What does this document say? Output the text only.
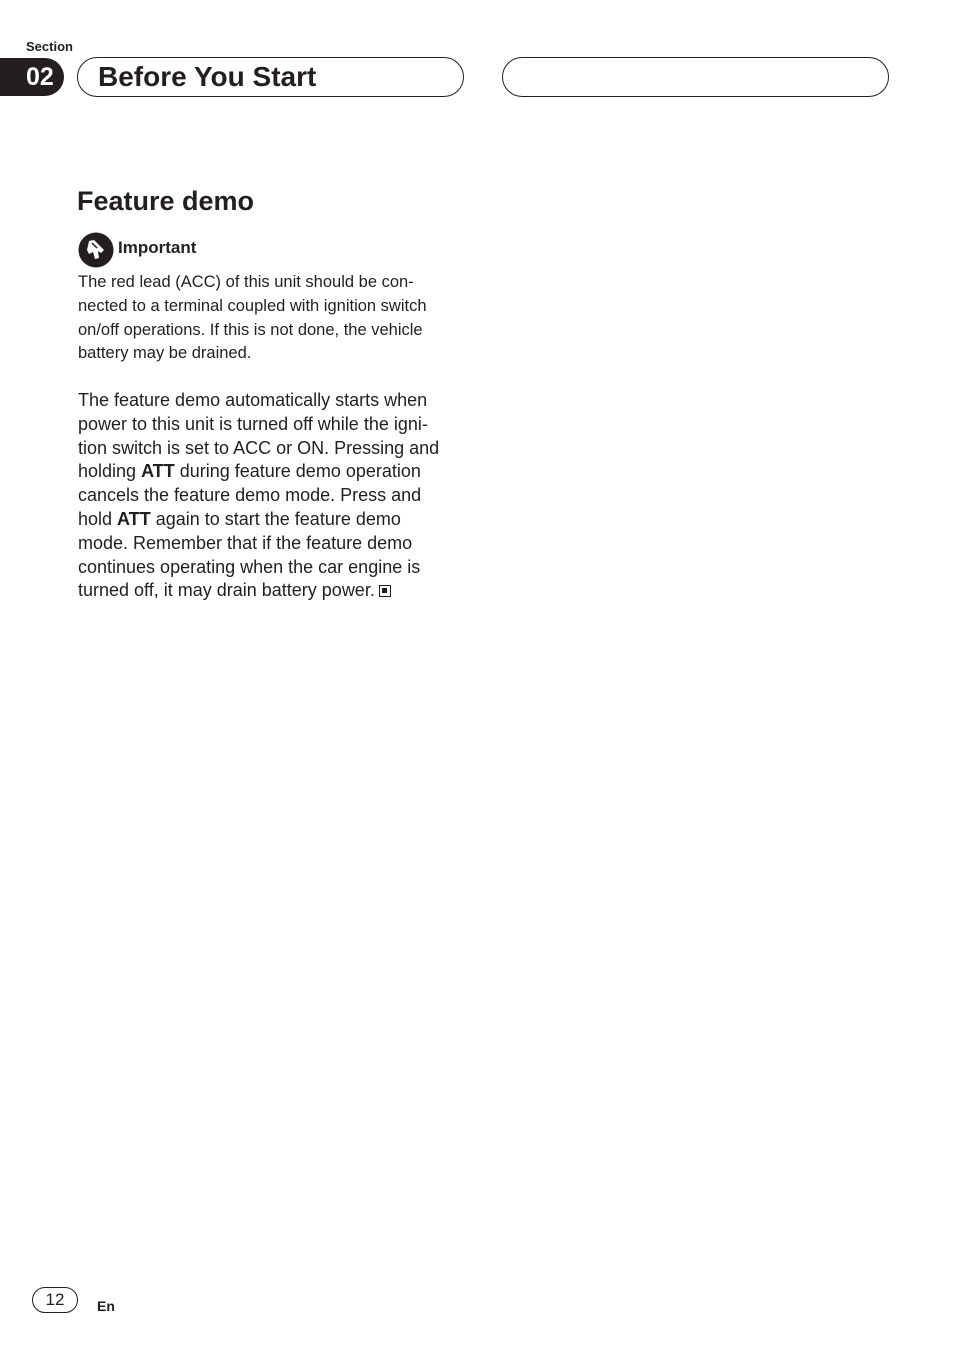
Section
02	Before You Start
Feature demo
Important

The red lead (ACC) of this unit should be con-
nected to a terminal coupled with ignition switch
on/off operations. If this is not done, the vehicle
battery may be drained.

The feature demo automatically starts when
power to this unit is turned off while the igni-
tion switch is set to ACC or ON. Pressing and
holding ATT during feature demo operation
cancels the feature demo mode. Press and
hold ATT again to start the feature demo
mode. Remember that if the feature demo
continues operating when the car engine is
turned off, it may drain battery power.

12	En
